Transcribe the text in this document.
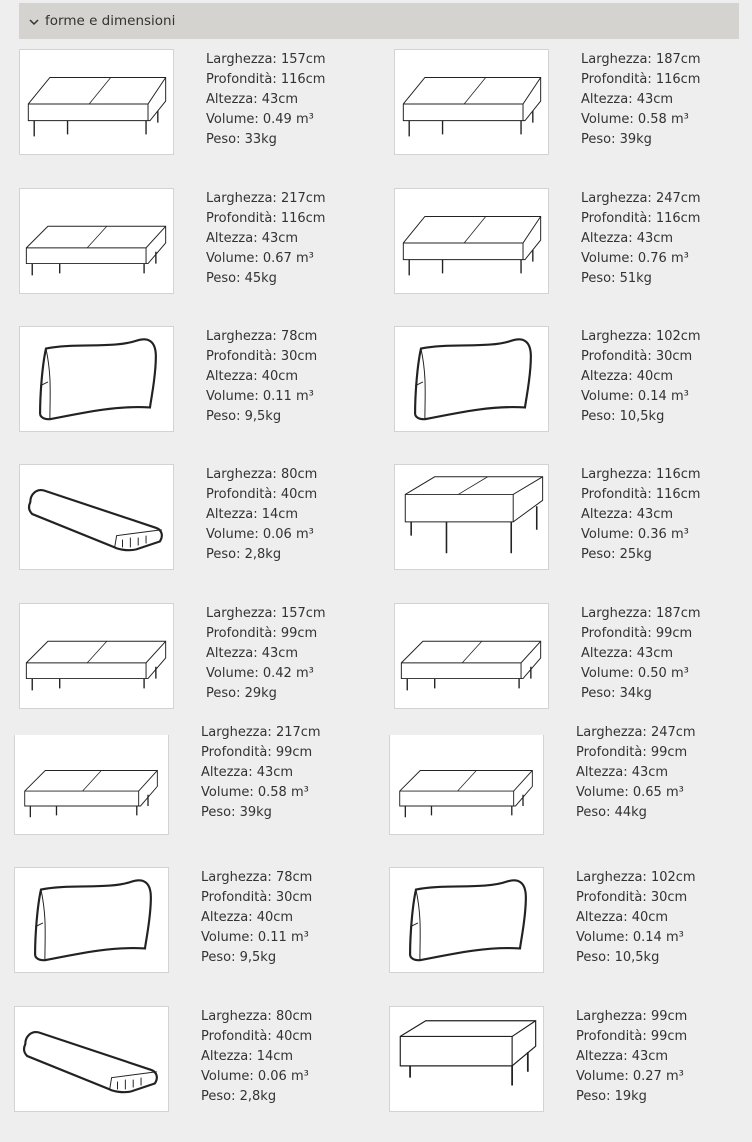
forme e dimensioni
Larghezza: 157cm
Profondità: 116cm
Altezza: 43cm
Volume: 0.49 m³
Peso: 33kg
Larghezza: 187cm
Profondità: 116cm
Altezza: 43cm
Volume: 0.58 m³
Peso: 39kg
Larghezza: 217cm
Profondità: 116cm
Altezza: 43cm
Volume: 0.67 m³
Peso: 45kg
Larghezza: 247cm
Profondità: 116cm
Altezza: 43cm
Volume: 0.76 m³
Peso: 51kg
Larghezza: 78cm
Profondità: 30cm
Altezza: 40cm
Volume: 0.11 m³
Peso: 9,5kg
Larghezza: 102cm
Profondità: 30cm
Altezza: 40cm
Volume: 0.14 m³
Peso: 10,5kg
Larghezza: 80cm
Profondità: 40cm
Altezza: 14cm
Volume: 0.06 m³
Peso: 2,8kg
Larghezza: 116cm
Profondità: 116cm
Altezza: 43cm
Volume: 0.36 m³
Peso: 25kg
Larghezza: 157cm
Profondità: 99cm
Altezza: 43cm
Volume: 0.42 m³
Peso: 29kg
Larghezza: 187cm
Profondità: 99cm
Altezza: 43cm
Volume: 0.50 m³
Peso: 34kg
Larghezza: 217cm
Profondità: 99cm
Altezza: 43cm
Volume: 0.58 m³
Peso: 39kg
Larghezza: 247cm
Profondità: 99cm
Altezza: 43cm
Volume: 0.65 m³
Peso: 44kg
Larghezza: 78cm
Profondità: 30cm
Altezza: 40cm
Volume: 0.11 m³
Peso: 9,5kg
Larghezza: 102cm
Profondità: 30cm
Altezza: 40cm
Volume: 0.14 m³
Peso: 10,5kg
Larghezza: 80cm
Profondità: 40cm
Altezza: 14cm
Volume: 0.06 m³
Peso: 2,8kg
Larghezza: 99cm
Profondità: 99cm
Altezza: 43cm
Volume: 0.27 m³
Peso: 19kg
